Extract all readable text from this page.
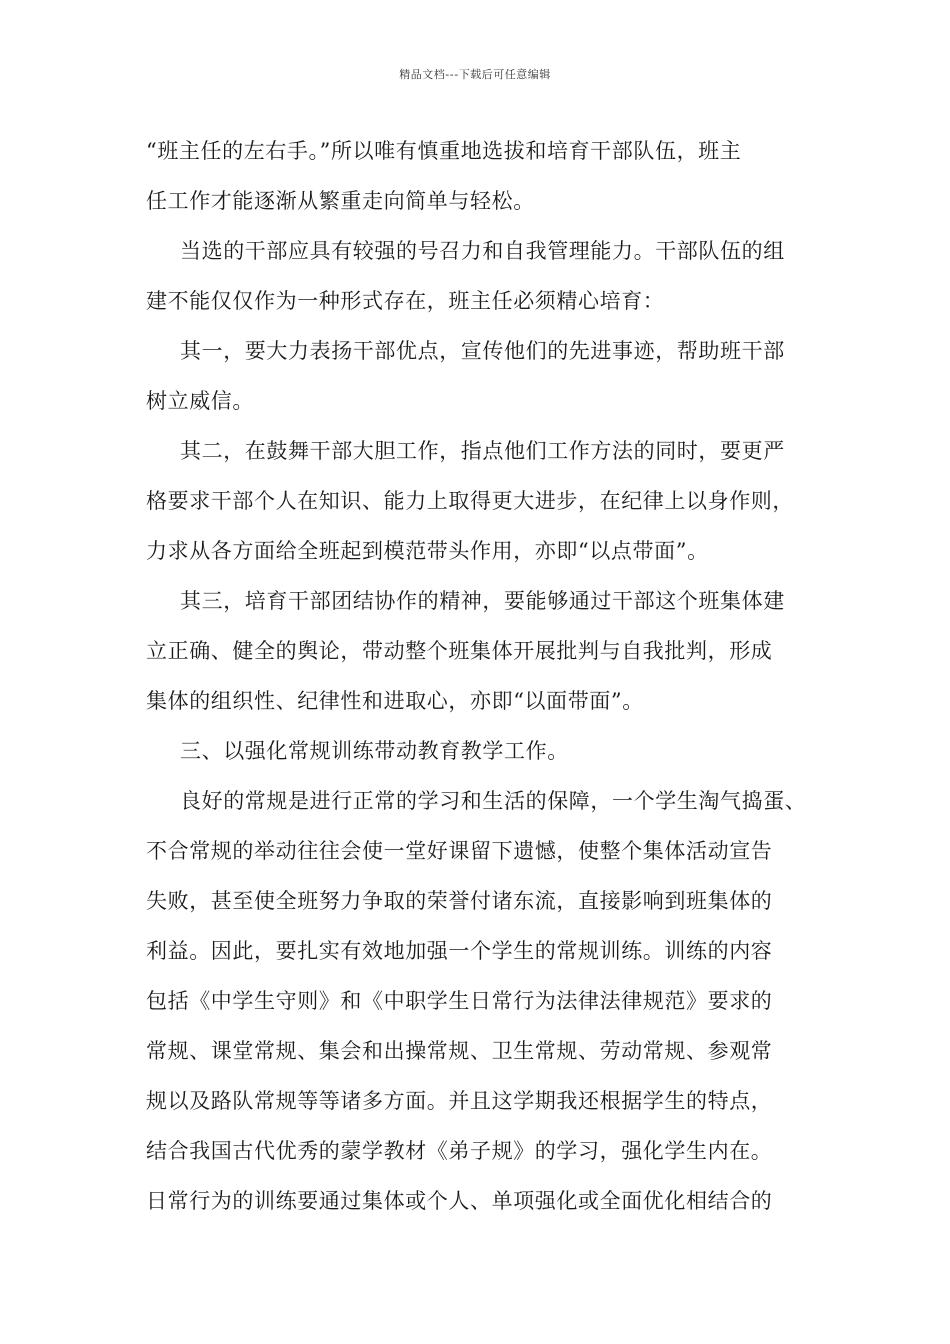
精品文档---下载后可任意编辑
“班主任的左右手。”所以唯有慎重地选拔和培育干部队伍，班主
任工作才能逐渐从繁重走向简单与轻松。
当选的干部应具有较强的号召力和自我管理能力。干部队伍的组
建不能仅仅作为一种形式存在，班主任必须精心培育：
其一，要大力表扬干部优点，宣传他们的先进事迹，帮助班干部
树立威信。
其二，在鼓舞干部大胆工作，指点他们工作方法的同时，要更严
格要求干部个人在知识、能力上取得更大进步，在纪律上以身作则，
力求从各方面给全班起到模范带头作用，亦即“以点带面”。
其三，培育干部团结协作的精神，要能够通过干部这个班集体建
立正确、健全的舆论，带动整个班集体开展批判与自我批判，形成
集体的组织性、纪律性和进取心，亦即“以面带面”。
三、以强化常规训练带动教育教学工作。
良好的常规是进行正常的学习和生活的保障，一个学生淘气捣蛋、
不合常规的举动往往会使一堂好课留下遗憾，使整个集体活动宣告
失败，甚至使全班努力争取的荣誉付诸东流，直接影响到班集体的
利益。因此，要扎实有效地加强一个学生的常规训练。训练的内容
包括《中学生守则》和《中职学生日常行为法律法律规范》要求的
常规、课堂常规、集会和出操常规、卫生常规、劳动常规、参观常
规以及路队常规等等诸多方面。并且这学期我还根据学生的特点，
结合我国古代优秀的蒙学教材《弟子规》的学习，强化学生内在。
日常行为的训练要通过集体或个人、单项强化或全面优化相结合的
